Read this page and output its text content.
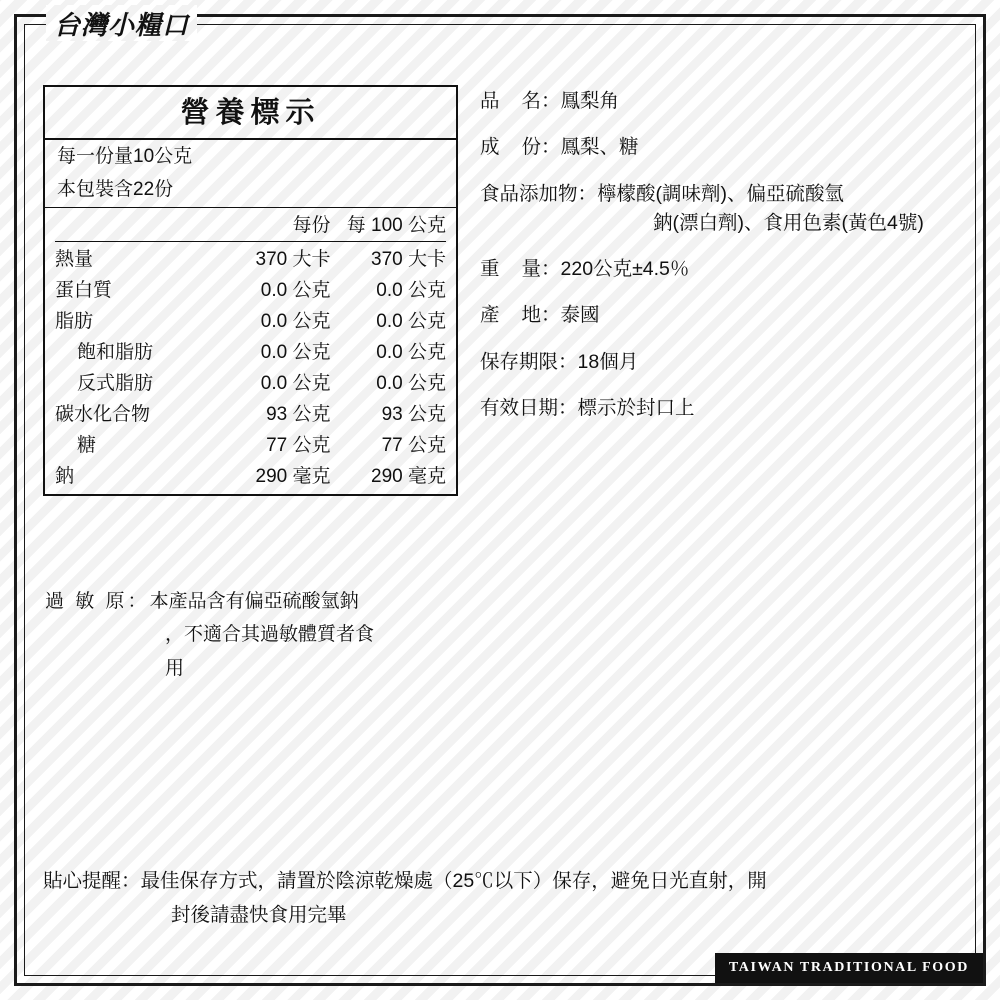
台灣小糧口
TAIWAN TRADITIONAL FOOD
營養標示
每一份量10公克
本包裝含22份
	每份	每 100 公克
熱量	370 大卡	370 大卡
蛋白質	0.0 公克	0.0 公克
脂肪	0.0 公克	0.0 公克
飽和脂肪	0.0 公克	0.0 公克
反式脂肪	0.0 公克	0.0 公克
碳水化合物	93 公克	93 公克
糖	77 公克	77 公克
鈉	290 毫克	290 毫克
過 敏 原：本產品含有偏亞硫酸氫鈉
，不適合其過敏體質者食
用
品 名： 鳳梨角
成 份： 鳳梨、糖
食品添加物： 檸檬酸(調味劑)、偏亞硫酸氫
鈉(漂白劑)、食用色素(黃色4號)
重 量： 220公克±4.5％
產 地： 泰國
保存期限： 18個月
有效日期： 標示於封口上
貼心提醒：最佳保存方式，請置於陰涼乾燥處（25℃以下）保存，避免日光直射，開
封後請盡快食用完畢
